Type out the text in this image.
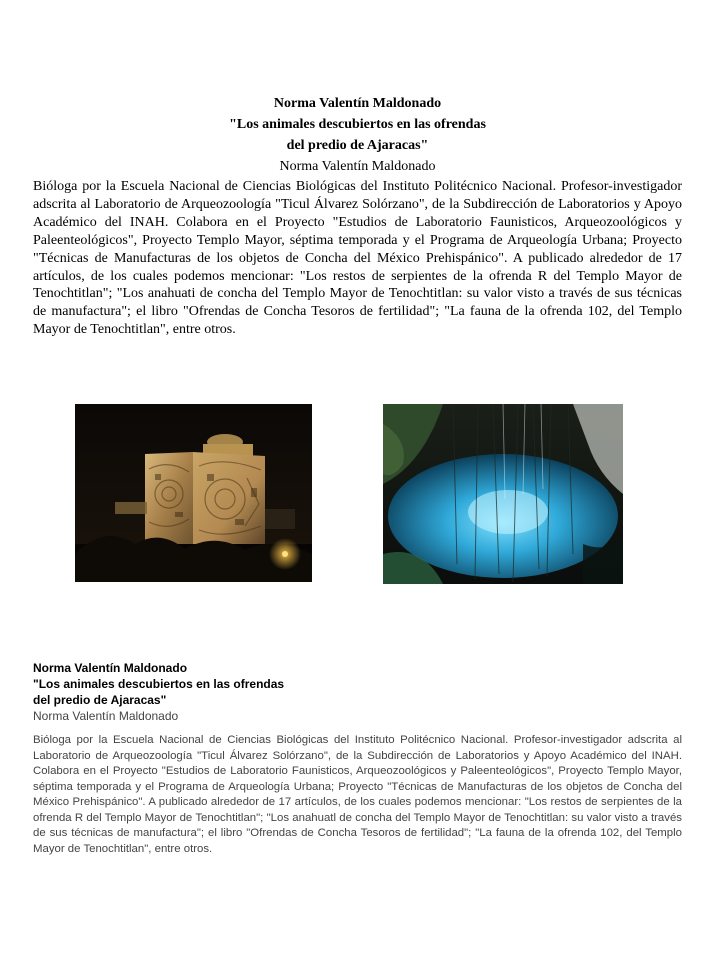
Norma Valentín Maldonado
"Los animales descubiertos en las ofrendas
del predio de Ajaracas"
Norma Valentín Maldonado

Bióloga por la Escuela Nacional de Ciencias Biológicas del Instituto Politécnico Nacional. Profesor-investigador adscrita al Laboratorio de Arqueozoología "Ticul Álvarez Solórzano", de la Subdirección de Laboratorios y Apoyo Académico del INAH. Colabora en el Proyecto "Estudios de Laboratorio Faunisticos, Arqueozoológicos y Paleenteológicos", Proyecto Templo Mayor, séptima temporada y el Programa de Arqueología Urbana; Proyecto "Técnicas de Manufacturas de los objetos de Concha del México Prehispánico". A publicado alrededor de 17 artículos, de los cuales podemos mencionar: "Los restos de serpientes de la ofrenda R del Templo Mayor de Tenochtitlan"; "Los anahuati de concha del Templo Mayor de Tenochtitlan: su valor visto a través de sus técnicas de manufactura"; el libro "Ofrendas de Concha Tesoros de fertilidad"; "La fauna de la ofrenda 102, del Templo Mayor de Tenochtitlan", entre otros.

Norma Valentín Maldonado
"Los animales descubiertos en las ofrendas
del predio de Ajaracas"
Norma Valentín Maldonado

Bióloga por la Escuela Nacional de Ciencias Biológicas del Instituto Politécnico Nacional. Profesor-investigador adscrita al Laboratorio de Arqueozoología "Ticul Álvarez Solórzano", de la Subdirección de Laboratorios y Apoyo Académico del INAH. Colabora en el Proyecto "Estudios de Laboratorio Faunisticos, Arqueozoológicos y Paleenteológicos", Proyecto Templo Mayor, séptima temporada y el Programa de Arqueología Urbana; Proyecto "Técnicas de Manufacturas de los objetos de Concha del México Prehispánico". A publicado alrededor de 17 artículos, de los cuales podemos mencionar: "Los restos de serpientes de la ofrenda R del Templo Mayor de Tenochtitlan"; "Los anahuatl de concha del Templo Mayor de Tenochtitlan: su valor visto a través de sus técnicas de manufactura"; el libro "Ofrendas de Concha Tesoros de fertilidad"; "La fauna de la ofrenda 102, del Templo Mayor de Tenochtitlan", entre otros.
